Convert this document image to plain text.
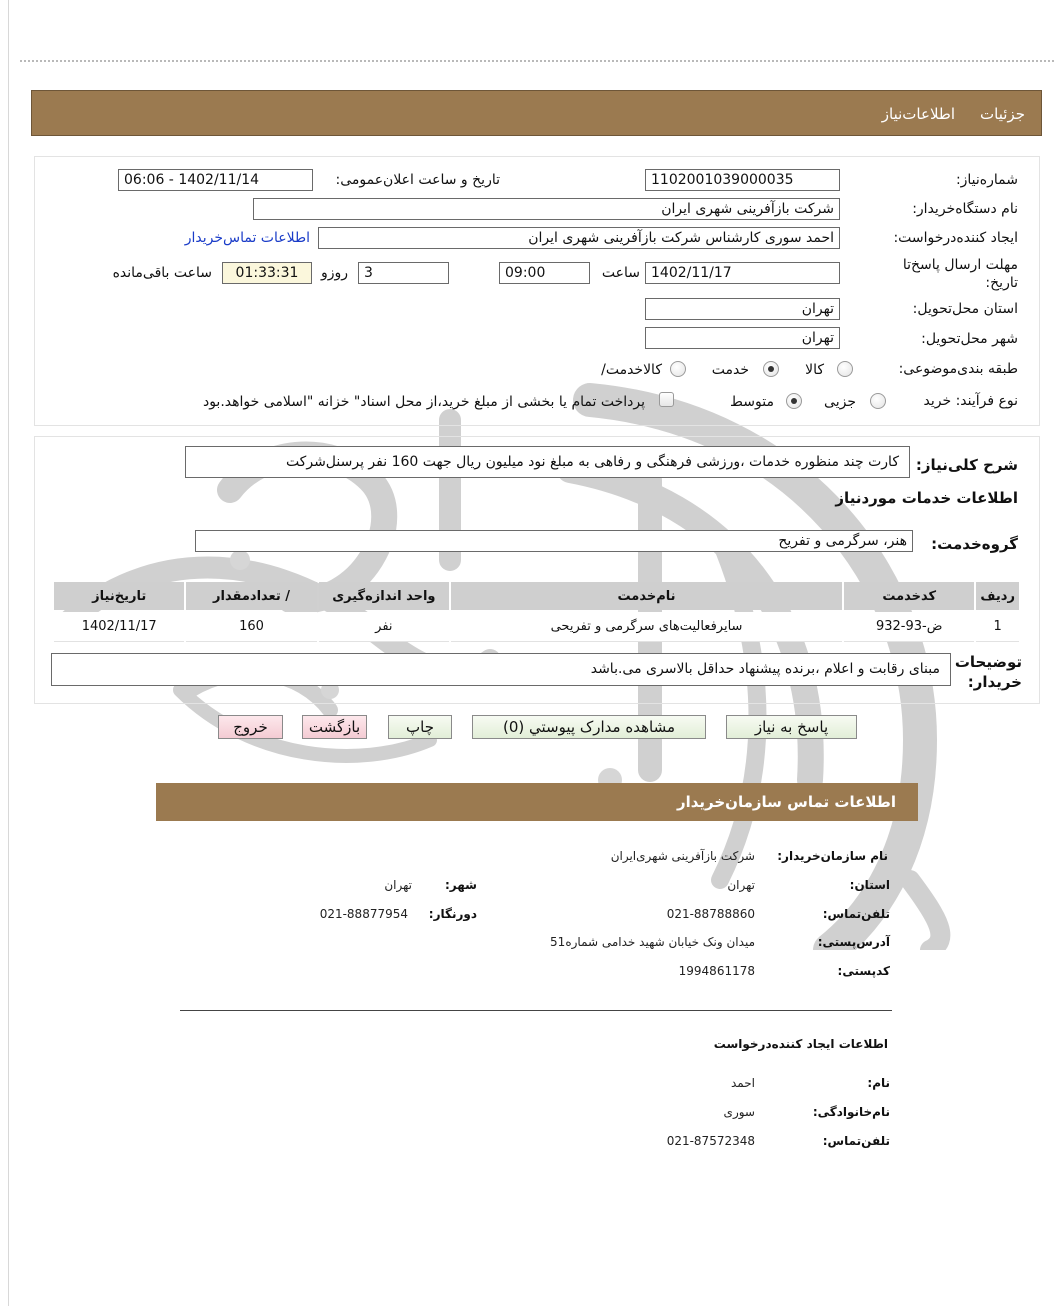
جزئیات
اطلاعات‌نیاز
شماره‌نیاز:
1102001039000035
تاریخ و ساعت اعلان‌عمومی:
1402/11/14 - 06:06
نام دستگاه‌خریدار:
شرکت بازآفرینی شهری ایران
ایجاد کننده‌درخواست:
احمد سوری کارشناس شرکت بازآفرینی شهری ایران
اطلاعات تماس‌خریدار
مهلت ارسال پاسخ‌تا تاریخ:
1402/11/17
ساعت
09:00
3
روزو
01:33:31
ساعت باقی‌مانده
استان محل‌تحویل:
تهران
شهر محل‌تحویل:
تهران
طبقه بندی‌موضوعی:
کالا
خدمت
کالا‌خدمت/
نوع فرآیند: خرید
جزیی
متوسط
پرداخت تمام یا بخشی از مبلغ خرید،از محل اسناد" خزانه "اسلامی خواهد.بود
شرح کلی‌نیاز:
کارت چند منظوره خدمات ،ورزشی فرهنگی و رفاهی به مبلغ نود میلیون ریال جهت 160 نفر پرسنل‌شرکت
اطلاعات خدمات موردنیاز
گروه‌خدمت:
هنر، سرگرمی و تفریح
ردیف	کدخدمت	نام‌خدمت	واحد اندازه‌گیری	/ تعدادمقدار	تاریخ‌نیاز
1	ض-93-932	سایرفعالیت‌های سرگرمی و تفریحی	نفر	160	1402/11/17
توضیحات خریدار:
مبنای رقابت و اعلام ،برنده پیشنهاد حداقل بالاسری می.باشد
پاسخ به نیاز
مشاهده مدارک پیوستي (0)
چاپ
بازگشت
خروج
اطلاعات تماس سازمان‌خریدار
نام سازمان‌خریدار:
شرکت بازآفرینی شهری‌ایران
استان:
تهران
شهر:
تهران
تلفن‌تماس:
021-88788860
دورنگار:
021-88877954
آدرس‌پستی:
میدان ونک خیابان شهید خدامی شماره51
کدپستی:
1994861178
اطلاعات ایجاد کننده‌درخواست
نام:
احمد
نام‌خانوادگی:
سوری
تلفن‌تماس:
021-87572348
